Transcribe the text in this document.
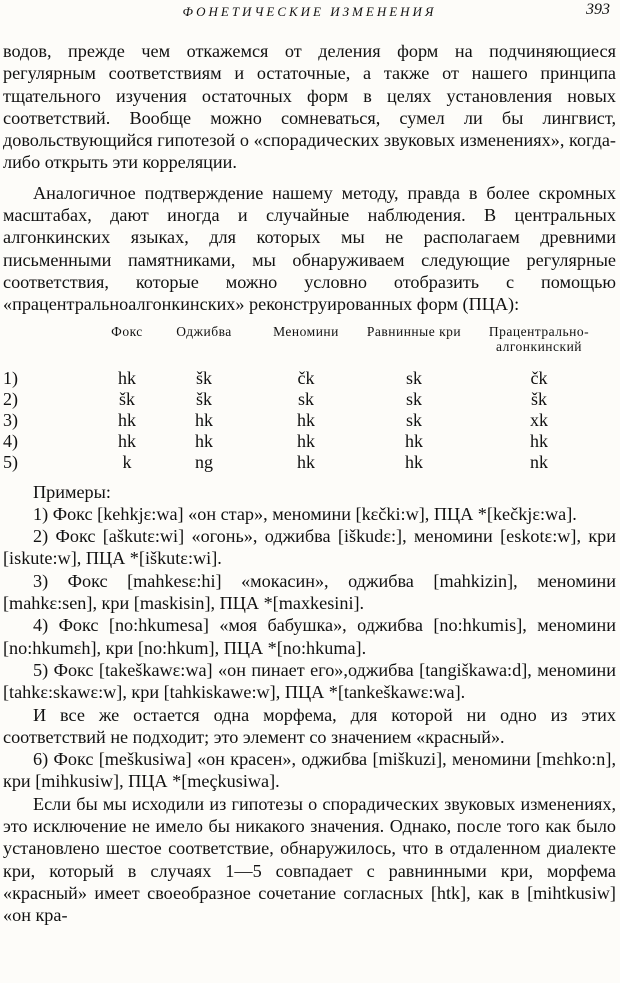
ФОНЕТИЧЕСКИЕ ИЗМЕНЕНИЯ	393

водов, прежде чем откажемся от деления форм на подчиняющиеся регулярным соответствиям и остаточные, а также от нашего принципа тщательного изучения остаточных форм в целях установления новых соответствий. Вообще можно сомневаться, сумел ли бы лингвист, довольствующийся гипотезой о «спорадических звуковых изменениях», когда-либо открыть эти корреляции.

Аналогичное подтверждение нашему методу, правда в более скромных масштабах, дают иногда и случайные наблюдения. В центральных алгонкинских языках, для которых мы не располагаем древними письменными памятниками, мы обнаруживаем следующие регулярные соответствия, которые можно условно отобразить с помощью «працентральноалгонкинских» реконструированных форм (ПЦА):

	Фокс	Оджибва	Меномини	Равнинные кри	Працентрально-алгонкинский
1)	hk	šk	čk	sk	čk
2)	šk	šk	sk	sk	šk
3)	hk	hk	hk	sk	xk
4)	hk	hk	hk	hk	hk
5)	k	ng	hk	hk	nk

Примеры:

1) Фокс [kehkjε:wa] «он стар», меномини [kεčki:w], ПЦА *[kečkjε:wa].

2) Фокс [aškutε:wi] «огонь», оджибва [iškudε:], меномини [eskotε:w], кри [iskute:w], ПЦА *[iškutε:wi].

3) Фокс [mahkesε:hi] «мокасин», оджибва [mahkizin], меномини [mahkε:sen], кри [maskisin], ПЦА *[maxkesini].

4) Фокс [no:hkumesa] «моя бабушка», оджибва [no:hkumis], меномини [no:hkumεh], кри [no:hkum], ПЦА *[no:hkuma].

5) Фокс [takeškawε:wa] «он пинает его»,оджибва [tangiškawa:d], меномини [tahkε:skawε:w], кри [tahkiskawe:w], ПЦА *[tankeškawε:wa].

И все же остается одна морфема, для которой ни одно из этих соответствий не подходит; это элемент со значением «красный».

6) Фокс [meškusiwa] «он красен», оджибва [miškuzi], меномини [mεhko:n], кри [mihkusiw], ПЦА *[meçkusiwa].

Если бы мы исходили из гипотезы о спорадических звуковых изменениях, это исключение не имело бы никакого значения. Однако, после того как было установлено шестое соответствие, обнаружилось, что в отдаленном диалекте кри, который в случаях 1—5 совпадает с равнинными кри, морфема «красный» имеет своеобразное сочетание согласных [htk], как в [mihtkusiw] «он кра-
